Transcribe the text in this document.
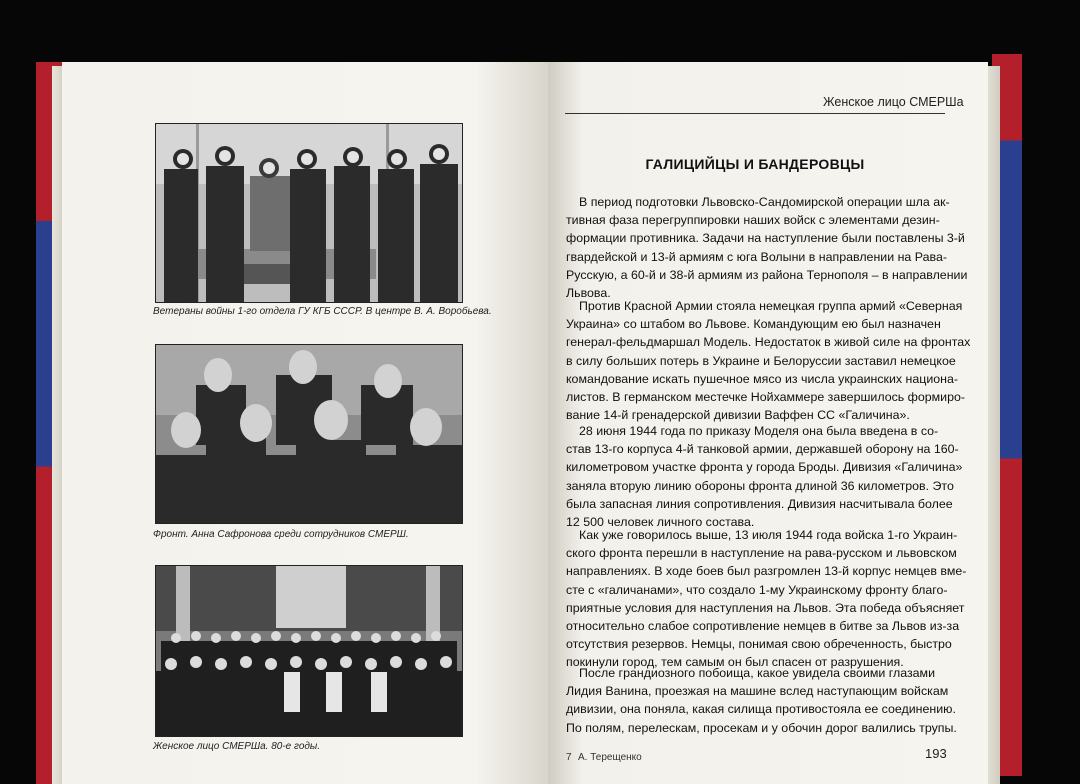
Ветераны войны 1-го отдела ГУ КГБ СССР. В центре В. А. Воробьева.
Фронт. Анна Сафронова среди сотрудников СМЕРШ.
Женское лицо СМЕРШа. 80-е годы.
Женское лицо СМЕРШа
ГАЛИЦИЙЦЫ И БАНДЕРОВЦЫ
В период подготовки Львовско-Сандомирской операции шла ак-
тивная фаза перегруппировки наших войск с элементами дезин-
формации противника. Задачи на наступление были поставлены 3-й
гвардейской и 13-й армиям с юга Волыни в направлении на Рава-
Русскую, а 60-й и 38-й армиям из района Тернополя – в направлении
Львова.
Против Красной Армии стояла немецкая группа армий «Северная
Украина» со штабом во Львове. Командующим ею был назначен
генерал-фельдмаршал Модель. Недостаток в живой силе на фронтах
в силу больших потерь в Украине и Белоруссии заставил немецкое
командование искать пушечное мясо из числа украинских национа-
листов. В германском местечке Нойхаммере завершилось формиро-
вание 14-й гренадерской дивизии Ваффен СС «Галичина».
28 июня 1944 года по приказу Моделя она была введена в со-
став 13-го корпуса 4-й танковой армии, державшей оборону на 160-
километровом участке фронта у города Броды. Дивизия «Галичина»
заняла вторую линию обороны фронта длиной 36 километров. Это
была запасная линия сопротивления. Дивизия насчитывала более
12 500 человек личного состава.
Как уже говорилось выше, 13 июля 1944 года войска 1-го Украин-
ского фронта перешли в наступление на рава-русском и львовском
направлениях. В ходе боев был разгромлен 13-й корпус немцев вме-
сте с «галичанами», что создало 1-му Украинскому фронту благо-
приятные условия для наступления на Львов. Эта победа объясняет
относительно слабое сопротивление немцев в битве за Львов из-за
отсутствия резервов. Немцы, понимая свою обреченность, быстро
покинули город, тем самым он был спасен от разрушения.
После грандиозного побоища, какое увидела своими глазами
Лидия Ванина, проезжая на машине вслед наступающим войскам
дивизии, она поняла, какая силища противостояла ее соединению.
По полям, перелескам, просекам и у обочин дорог валились трупы.
7 А. Терещенко	193
